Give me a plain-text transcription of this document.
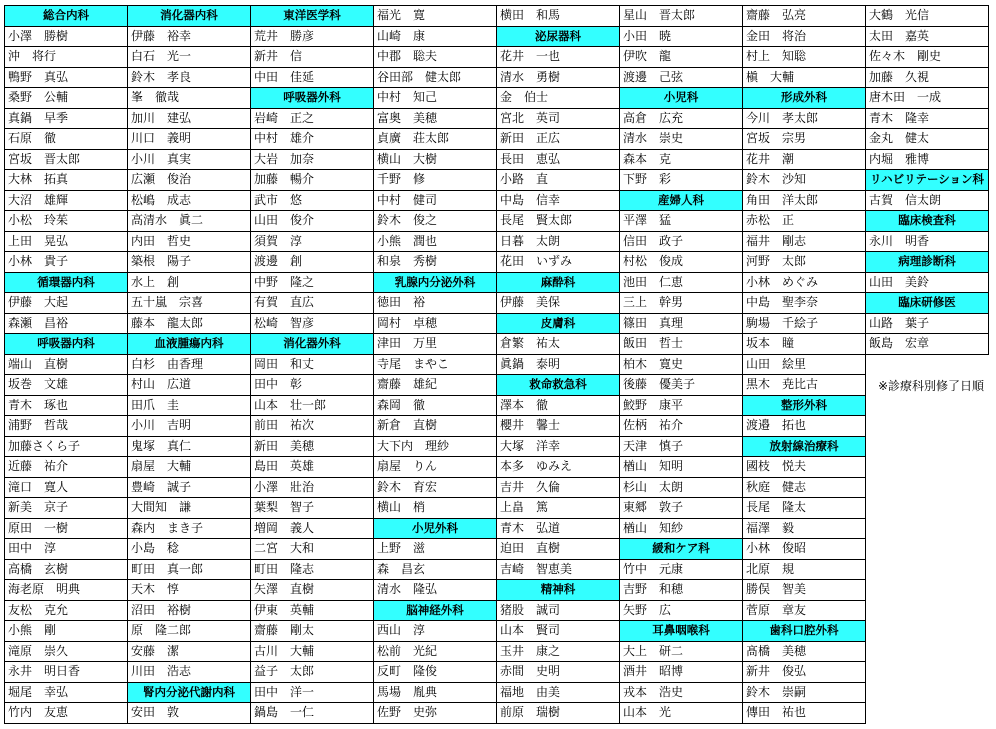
総合内科
小澤　勝樹
沖　将行
鴨野　真弘
桑野　公輔
真鍋　早季
石原　徹
宮坂　晋太郎
大林　拓真
大沼　雄輝
小松　玲茱
上田　晃弘
小林　貴子
循環器内科
伊藤　大起
森瀬　昌裕
呼吸器内科
端山　直樹
坂巻　文雄
青木　琢也
浦野　哲哉
加藤さくら子
近藤　祐介
滝口　寛人
新美　京子
原田　一樹
田中　淳
高橋　玄樹
海老原　明典
友松　克允
小熊　剛
滝原　崇久
永井　明日香
堀尾　幸弘
竹内　友恵
消化器内科
伊藤　裕幸
白石　光一
鈴木　孝良
峯　徹哉
加川　建弘
川口　義明
小川　真実
広瀬　俊治
松嶋　成志
高清水　眞二
内田　哲史
築根　陽子
水上　創
五十嵐　宗喜
藤本　龍太郎
血液腫瘍内科
白杉　由香理
村山　広道
田爪　圭
小川　吉明
鬼塚　真仁
扇屋　大輔
豊崎　誠子
大間知　謙
森内　まき子
小島　稔
町田　真一郎
天木　惇
沼田　裕樹
原　隆二郎
安藤　潔
川田　浩志
腎内分泌代謝内科
安田　敦
東洋医学科
荒井　勝彦
新井　信
中田　佳延
呼吸器外科
岩崎　正之
中村　雄介
大岩　加奈
加藤　暢介
武市　悠
山田　俊介
須賀　淳
渡邊　創
中野　隆之
有賀　直広
松崎　智彦
消化器外科
岡田　和丈
田中　彰
山本　壮一郎
前田　祐次
新田　美穂
島田　英雄
小澤　壯治
葉梨　智子
増岡　義人
二宮　大和
町田　隆志
矢澤　直樹
伊東　英輔
齋藤　剛太
古川　大輔
益子　太郎
田中　洋一
鍋島　一仁
福光　寛
山崎　康
中郡　聡夫
谷田部　健太郎
中村　知己
富奥　美穂
貞廣　荘太郎
横山　大樹
千野　修
中村　健司
鈴木　俊之
小熊　潤也
和泉　秀樹
乳腺内分泌外科
徳田　裕
岡村　卓穂
津田　万里
寺尾　まやこ
齋藤　雄紀
森岡　徹
新倉　直樹
大下内　理紗
扇屋　りん
鈴木　育宏
横山　梢
小児外科
上野　滋
森　昌玄
清水　隆弘
脳神経外科
西山　淳
松前　光紀
反町　隆俊
馬場　胤典
佐野　史弥
横田　和馬
泌尿器科
花井　一也
清水　勇樹
金　伯士
宮北　英司
新田　正広
長田　恵弘
小路　直
中島　信幸
長尾　賢太郎
日暮　太朗
花田　いずみ
麻酔科
伊藤　美保
皮膚科
倉繁　祐太
眞鍋　泰明
救命救急科
澤本　徹
櫻井　馨士
大塚　洋幸
本多　ゆみえ
吉井　久倫
上畠　篤
青木　弘道
迫田　直樹
吉崎　智恵美
精神科
猪股　誠司
山本　賢司
玉井　康之
赤間　史明
福地　由美
前原　瑞樹
星山　晋太郎
小田　暁
伊吹　龍
渡邊　己弦
小児科
高倉　広充
清水　崇史
森本　克
下野　彩
産婦人科
平澤　猛
信田　政子
村松　俊成
池田　仁恵
三上　幹男
篠田　真理
飯田　哲士
柏木　寛史
後藤　優美子
鮫野　康平
佐柄　祐介
天津　慎子
楢山　知明
杉山　太朗
東郷　敦子
楢山　知紗
緩和ケア科
竹中　元康
吉野　和穂
矢野　広
耳鼻咽喉科
大上　研二
酒井　昭博
戎本　浩史
山本　光
齋藤　弘亮
金田　将治
村上　知聡
槇　大輔
形成外科
今川　孝太郎
宮坂　宗男
花井　潮
鈴木　沙知
角田　洋太郎
赤松　正
福井　剛志
河野　太郎
小林　めぐみ
中島　聖李奈
駒場　千絵子
坂本　瞳
山田　絵里
黒木　尭比古
整形外科
渡邉　拓也
放射線治療科
國枝　悦夫
秋庭　健志
長尾　隆太
福澤　毅
小林　俊昭
北原　規
勝俣　智美
菅原　章友
歯科口腔外科
髙橋　美穂
新井　俊弘
鈴木　崇嗣
傳田　祐也
大鶴　光信
太田　嘉英
佐々木　剛史
加藤　久視
唐木田　一成
青木　隆幸
金丸　健太
内堀　雅博
リハビリテーション科
古賀　信太朗
臨床検査科
永川　明香
病理診断科
山田　美鈴
臨床研修医
山路　葉子
飯島　宏章
※診療科別修了日順
